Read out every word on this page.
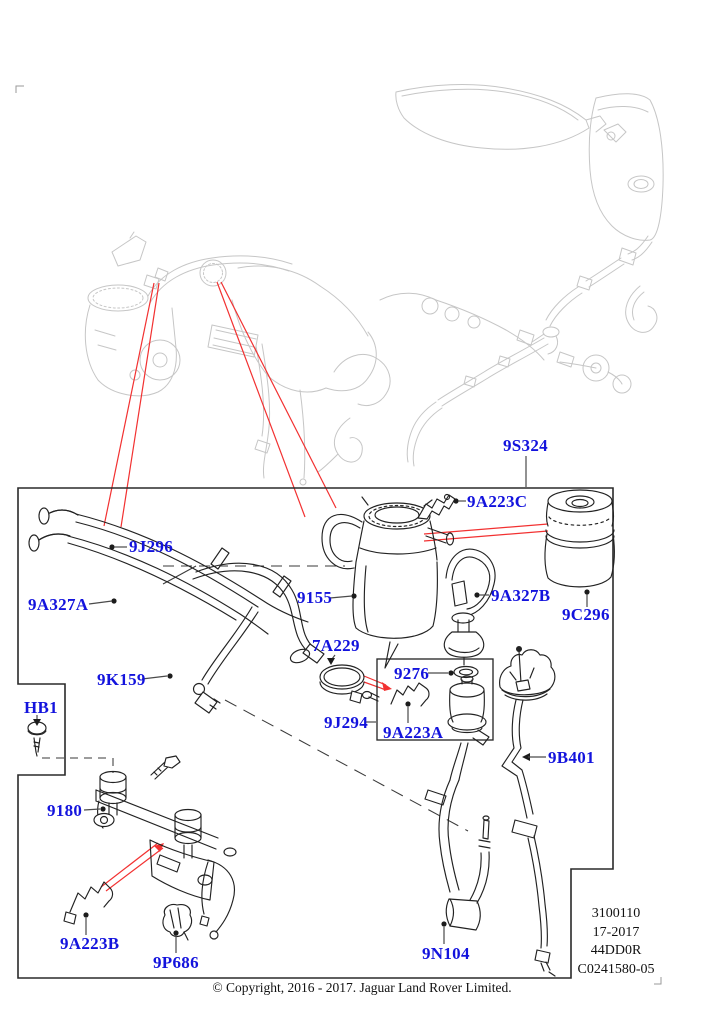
9S324
9A223C
9J296
9A327A	9155	9A327B
9C296
7A229
9276
9K159
9J294
9A223A
9B401
HB1
9180
9A223B
9P686	9N104
3100110
17-2017
44DD0R
C0241580-05
© Copyright, 2016 - 2017. Jaguar Land Rover Limited.
